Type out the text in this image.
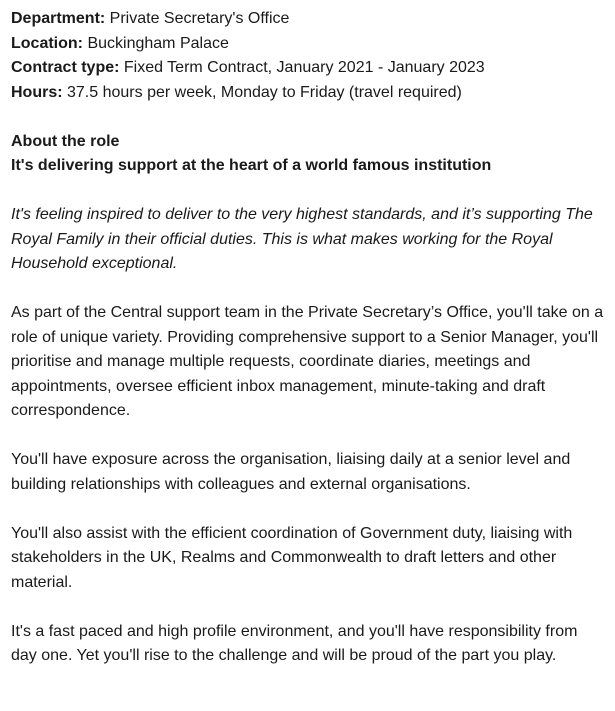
Department: Private Secretary's Office

Location: Buckingham Palace

Contract type: Fixed Term Contract, January 2021 - January 2023

Hours: 37.5 hours per week, Monday to Friday (travel required)

About the role

It's delivering support at the heart of a world famous institution

It's feeling inspired to deliver to the very highest standards, and it’s supporting The Royal Family in their official duties. This is what makes working for the Royal Household exceptional.

As part of the Central support team in the Private Secretary’s Office, you'll take on a role of unique variety. Providing comprehensive support to a Senior Manager, you'll prioritise and manage multiple requests, coordinate diaries, meetings and appointments, oversee efficient inbox management, minute-taking and draft correspondence.

You'll have exposure across the organisation, liaising daily at a senior level and building relationships with colleagues and external organisations.

You'll also assist with the efficient coordination of Government duty, liaising with stakeholders in the UK, Realms and Commonwealth to draft letters and other material.

It's a fast paced and high profile environment, and you'll have responsibility from day one. Yet you'll rise to the challenge and will be proud of the part you play.
